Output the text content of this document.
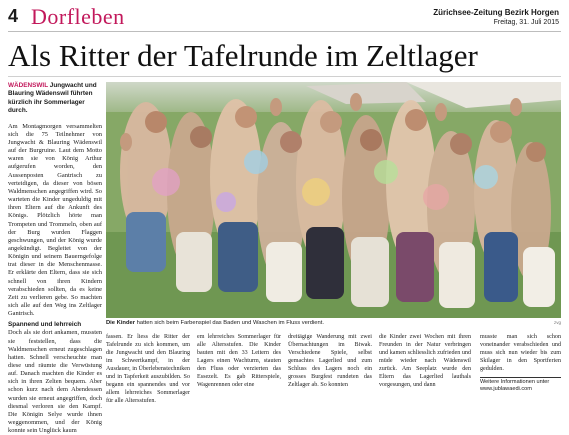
4 Dorfleben	Zürichsee-Zeitung Bezirk Horgen
Freitag, 31. Juli 2015
Als Ritter der Tafelrunde im Zeltlager
WÄDENSWIL Jungwacht und Blauring Wädenswil führten kürzlich ihr Sommerlager durch.

Am Montagmorgen versammelten sich die 75 Teilnehmer von Jungwacht & Blauring Wädenswil auf der Burgruine. Laut dem Motto waren sie von König Arthur aufgerufen worden, den Aussenposten Gantrisch zu verteidigen, da dieser von bösen Waldmenschen angegriffen wird. So warteten die Kinder ungeduldig mit ihren Eltern auf die Ankunft des Königs. Plötzlich hörte man Trompeten und Trommeln, oben auf der Burg wurden Flaggen geschwungen, und der König wurde angekündigt. Begleitet von der Königin und seinem Bauerngefolge trat dieser in die Menschenmasse. Er erklärte den Eltern, dass sie sich schnell von ihren Kindern verabschieden sollten, da es keine Zeit zu verlieren gebe. So machten sich alle auf den Weg ins Zeltlager Gantrisch.

Spannend und lehrreich

Doch als sie dort ankamen, mussten sie feststellen, dass die Waldmenschen erneut zugeschlagen hatten. Schnell verscheuchte man diese und räumte die Verwüstung auf. Danach machten die Kinder es sich in ihren Zelten bequem. Aber schon kurz nach dem Abendessen wurden sie erneut angegriffen, doch diesmal verloren sie den Kampf. Die Königin Selye wurde ihnen weggenommen, und der König konnte sein Unglück kaum

Die Kinder hatten sich beim Farbenspiel das Baden und Waschen im Fluss verdient.	zvg
fassen. Er liess die Ritter der Tafelrunde zu sich kommen, um die Jungwacht und den Blauring im Schwertkampf, in der Ausdauer, in Überlebenstechniken und in Tapferkeit auszubilden. So begann ein spannendes und vor allem lehrreiches Sommerlager für alle Altersstufen.
em lehrreiches Sommerlager für alle Altersstufen. Die Kinder bauten mit den 33 Leitern des Lagers einen Wachturm, stauten den Fluss oder verzierten das Essezelt. Es gab Ritterspiele, Wagenrennen oder eine
dreitägige Wanderung mit zwei Übernachtungen im Biwak. Verschiedene Spiele, selbst gemachtes Lagerlied und zum Schluss des Lagers noch ein grosses Burgfest rundeten das Zeltlager ab. So konnten
die Kinder zwei Wochen mit ihren Freunden in der Natur verbringen und kamen schliesslich zufrieden und müde wieder nach Wädenswil zurück. Am Seeplatz wurde den Eltern das Lagerlied lauthals vorgesungen, und dann
musste man sich schon voneinander verabschieden und muss sich nun wieder bis zum Skilager in den Sportferien gedulden.
Weitere Informationen unter
www.jublawaedi.com
